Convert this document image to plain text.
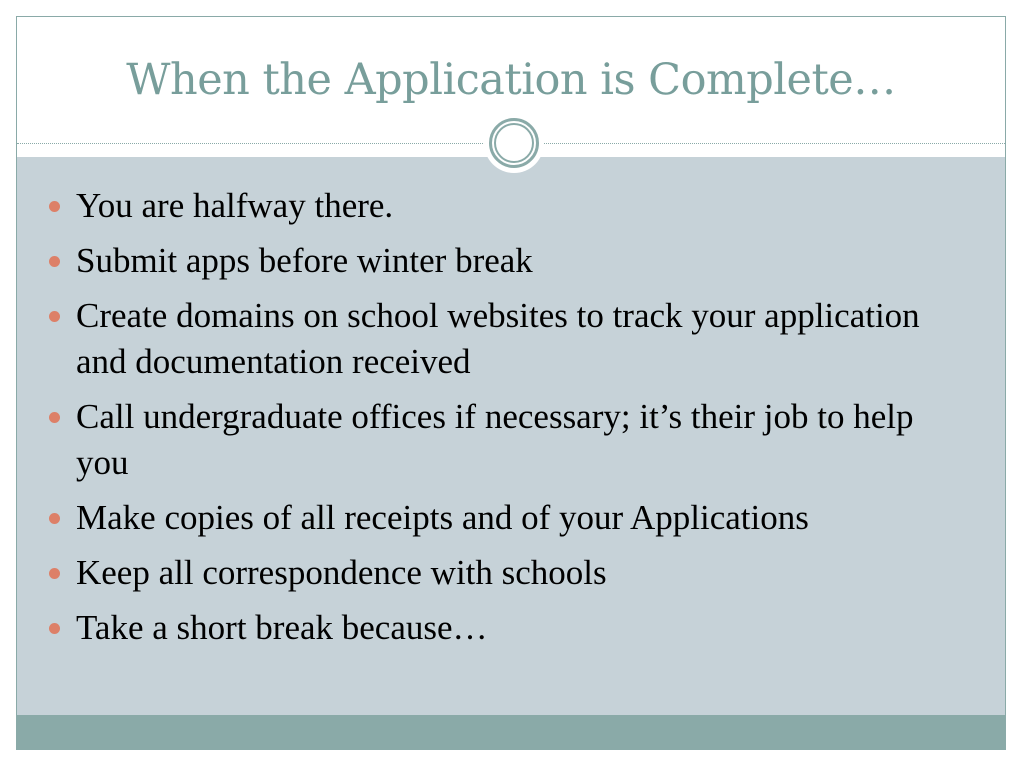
When the Application is Complete…
You are halfway there.
Submit apps before winter break
Create domains on school websites to track your application and documentation received
Call undergraduate offices if necessary; it’s their job to help you
Make copies of all receipts and of your Applications
Keep all correspondence with schools
Take a short break because…
